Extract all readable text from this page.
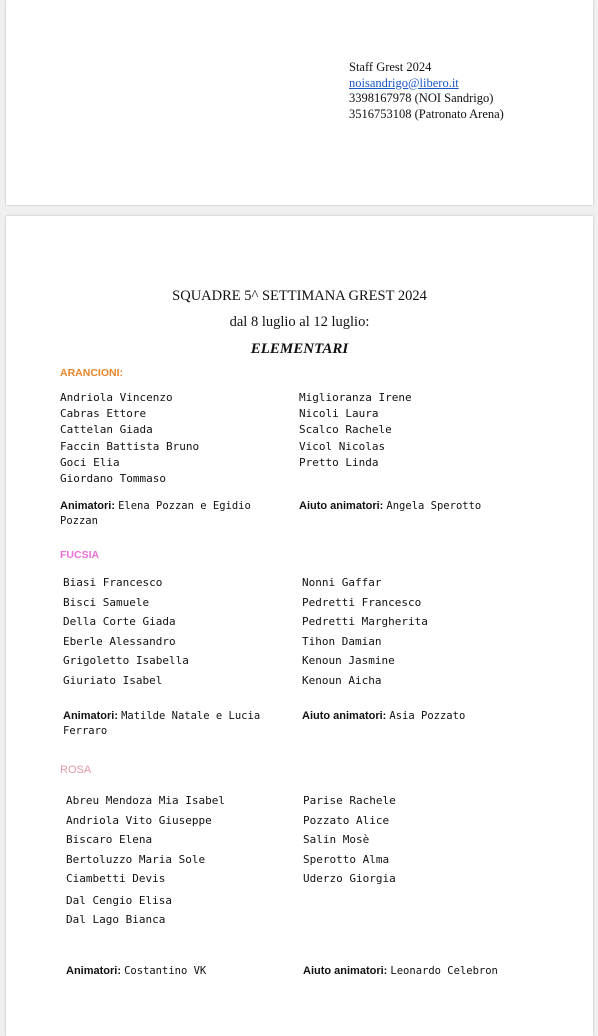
Staff Grest 2024
noisandrigo@libero.it
3398167978 (NOI Sandrigo)
3516753108 (Patronato Arena)
SQUADRE 5^ SETTIMANA GREST 2024
dal 8 luglio al 12 luglio:
ELEMENTARI
ARANCIONI:
Andriola Vincenzo
Cabras Ettore
Cattelan Giada
Faccin Battista Bruno
Goci Elia
Giordano Tommaso
Miglioranza Irene
Nicoli Laura
Scalco Rachele
Vicol Nicolas
Pretto Linda
Animatori: Elena Pozzan e Egidio
Pozzan
Aiuto animatori: Angela Sperotto
FUCSIA
Biasi Francesco
Bisci Samuele
Della Corte Giada
Eberle Alessandro
Grigoletto Isabella
Giuriato Isabel
Nonni Gaffar
Pedretti Francesco
Pedretti Margherita
Tihon Damian
Kenoun Jasmine
Kenoun Aicha
Animatori: Matilde Natale e Lucia
Ferraro
Aiuto animatori: Asia Pozzato
ROSA
Abreu Mendoza Mia Isabel
Andriola Vito Giuseppe
Biscaro Elena
Bertoluzzo Maria Sole
Ciambetti Devis
Dal Cengio Elisa
Dal Lago Bianca
Parise Rachele
Pozzato Alice
Salin Mosè
Sperotto Alma
Uderzo Giorgia
Animatori: Costantino VK	Aiuto animatori: Leonardo Celebron
